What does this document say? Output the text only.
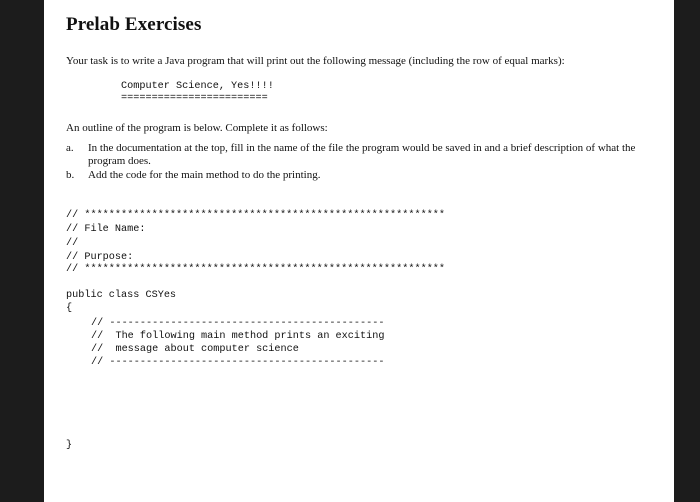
Prelab Exercises
Your task is to write a Java program that will print out the following message (including the row of equal marks):
Computer Science, Yes!!!!
========================
An outline of the program is below. Complete it as follows:
a. In the documentation at the top, fill in the name of the file the program would be saved in and a brief description of what the program does.
b. Add the code for the main method to do the printing.
// ***********************************************************
// File Name:
//
// Purpose:
// ***********************************************************
public class CSYes
{
// ---------------------------------------------
//  The following main method prints an exciting
//  message about computer science
// ---------------------------------------------
}
